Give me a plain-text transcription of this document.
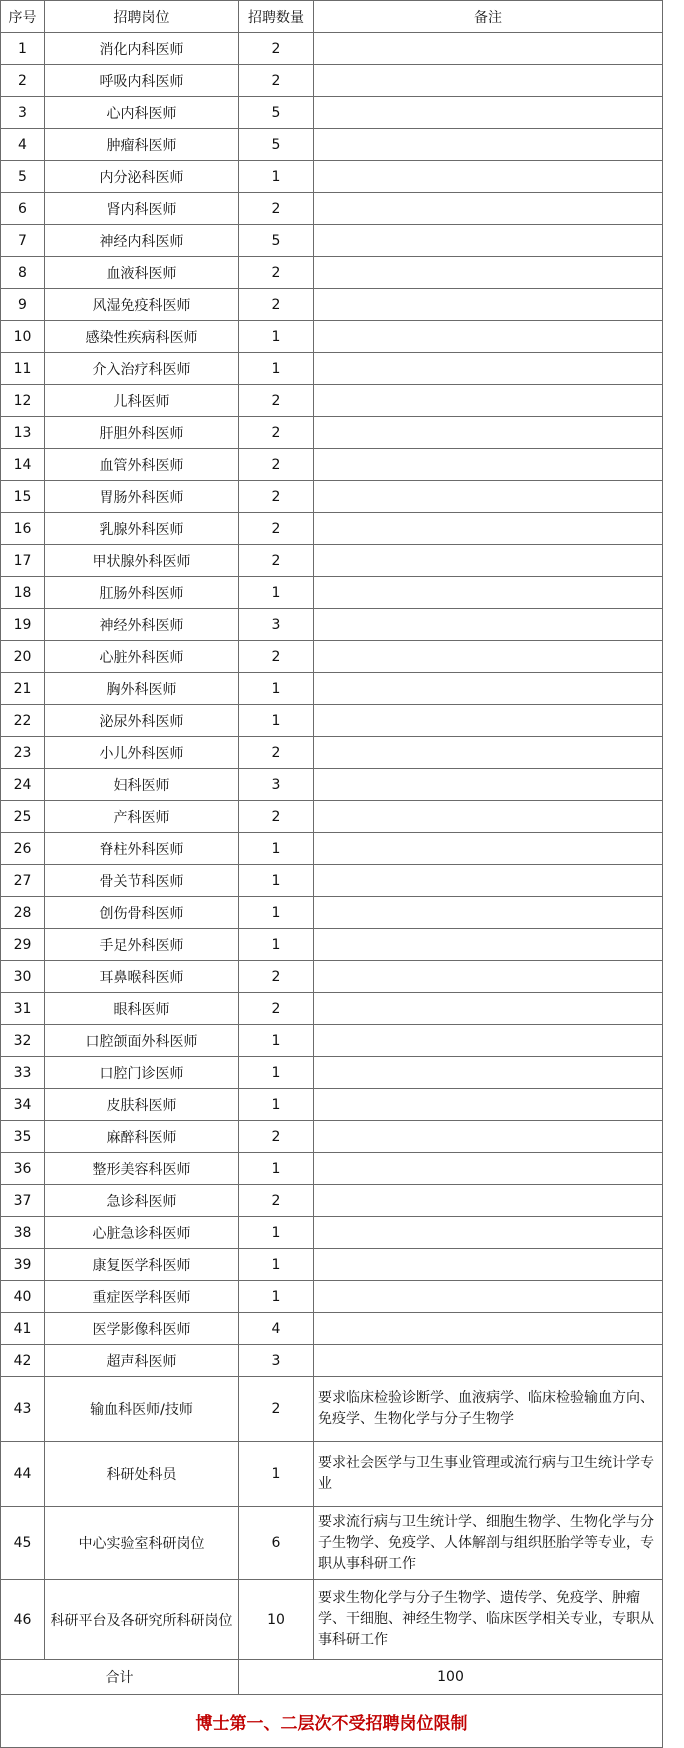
序号	招聘岗位	招聘数量	备注
1	消化内科医师	2	
2	呼吸内科医师	2	
3	心内科医师	5	
4	肿瘤科医师	5	
5	内分泌科医师	1	
6	肾内科医师	2	
7	神经内科医师	5	
8	血液科医师	2	
9	风湿免疫科医师	2	
10	感染性疾病科医师	1	
11	介入治疗科医师	1	
12	儿科医师	2	
13	肝胆外科医师	2	
14	血管外科医师	2	
15	胃肠外科医师	2	
16	乳腺外科医师	2	
17	甲状腺外科医师	2	
18	肛肠外科医师	1	
19	神经外科医师	3	
20	心脏外科医师	2	
21	胸外科医师	1	
22	泌尿外科医师	1	
23	小儿外科医师	2	
24	妇科医师	3	
25	产科医师	2	
26	脊柱外科医师	1	
27	骨关节科医师	1	
28	创伤骨科医师	1	
29	手足外科医师	1	
30	耳鼻喉科医师	2	
31	眼科医师	2	
32	口腔颌面外科医师	1	
33	口腔门诊医师	1	
34	皮肤科医师	1	
35	麻醉科医师	2	
36	整形美容科医师	1	
37	急诊科医师	2	
38	心脏急诊科医师	1	
39	康复医学科医师	1	
40	重症医学科医师	1	
41	医学影像科医师	4	
42	超声科医师	3	
43	输血科医师/技师	2	要求临床检验诊断学、血液病学、临床检验输血方向、免疫学、生物化学与分子生物学
44	科研处科员	1	要求社会医学与卫生事业管理或流行病与卫生统计学专业
45	中心实验室科研岗位	6	要求流行病与卫生统计学、细胞生物学、生物化学与分子生物学、免疫学、人体解剖与组织胚胎学等专业，专职从事科研工作
46	科研平台及各研究所科研岗位	10	要求生物化学与分子生物学、遗传学、免疫学、肿瘤学、干细胞、神经生物学、临床医学相关专业，专职从事科研工作
合计		100	
博士第一、二层次不受招聘岗位限制			
